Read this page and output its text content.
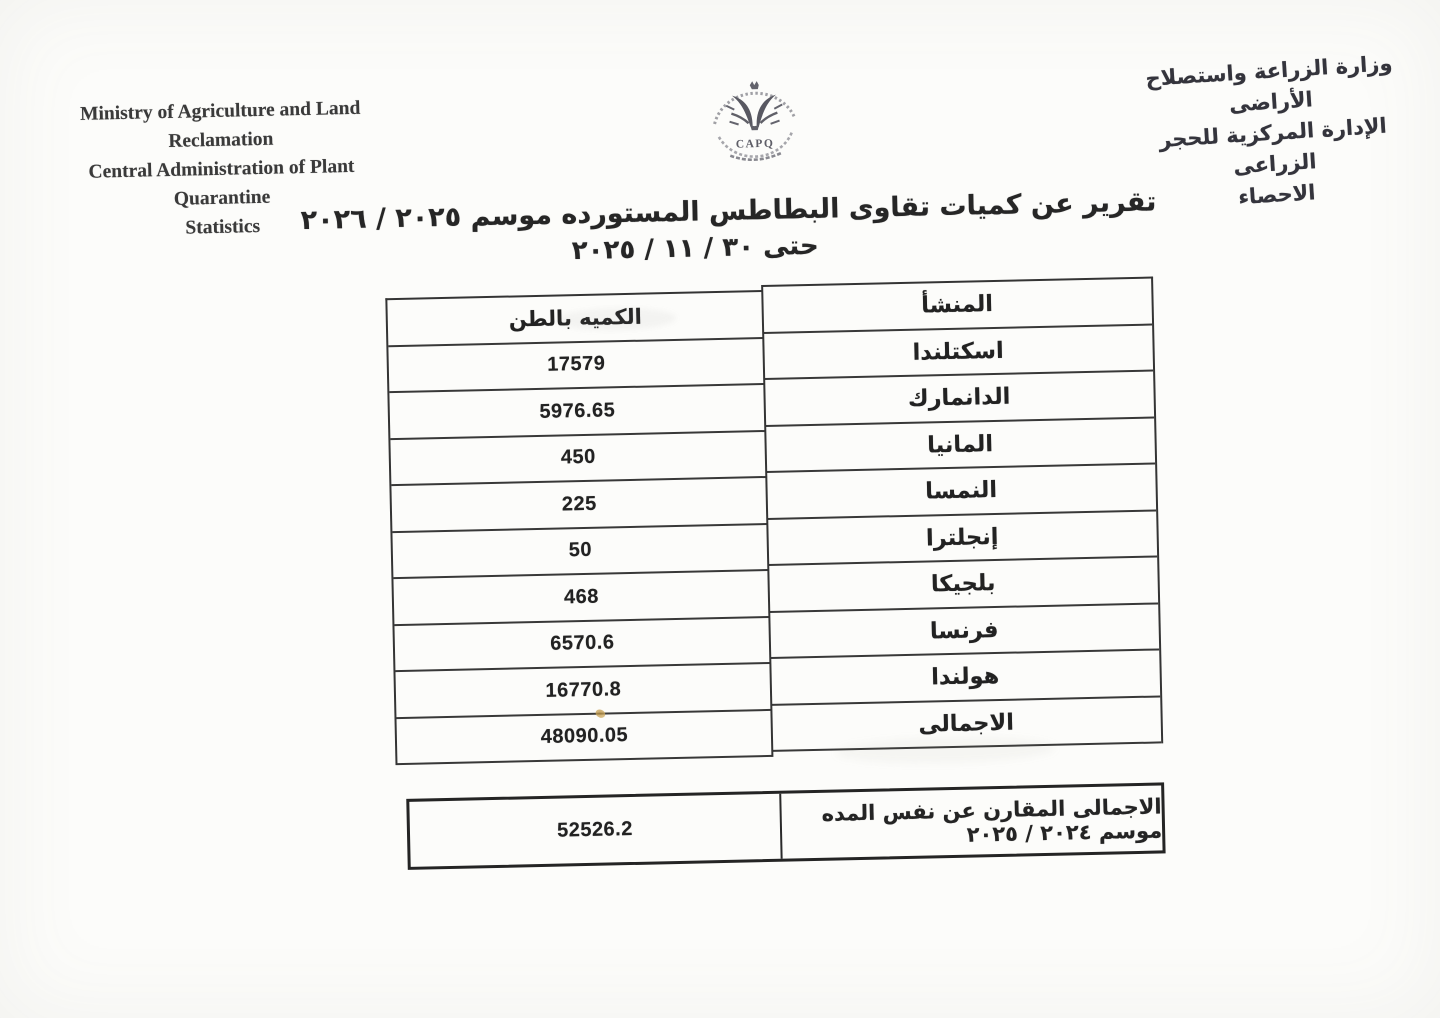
وزارة الزراعة واستصلاح الأراضى
الإدارة المركزية للحجر الزراعى
الاحصاء
Ministry of Agriculture and Land Reclamation
Central Administration of Plant Quarantine
Statistics
CAPQ
تقرير عن كميات تقاوى البطاطس المستورده موسم ٢٠٢٥ / ٢٠٢٦
حتى ٣٠ / ١١ / ٢٠٢٥
الكميه بالطن
17579
5976.65
450
225
50
468
6570.6
16770.8
48090.05
المنشأ
اسكتلندا
الدانمارك
المانيا
النمسا
إنجلترا
بلجيكا
فرنسا
هولندا
الاجمالى
52526.2
الاجمالى المقارن عن نفس المده موسم ٢٠٢٤ / ٢٠٢٥
